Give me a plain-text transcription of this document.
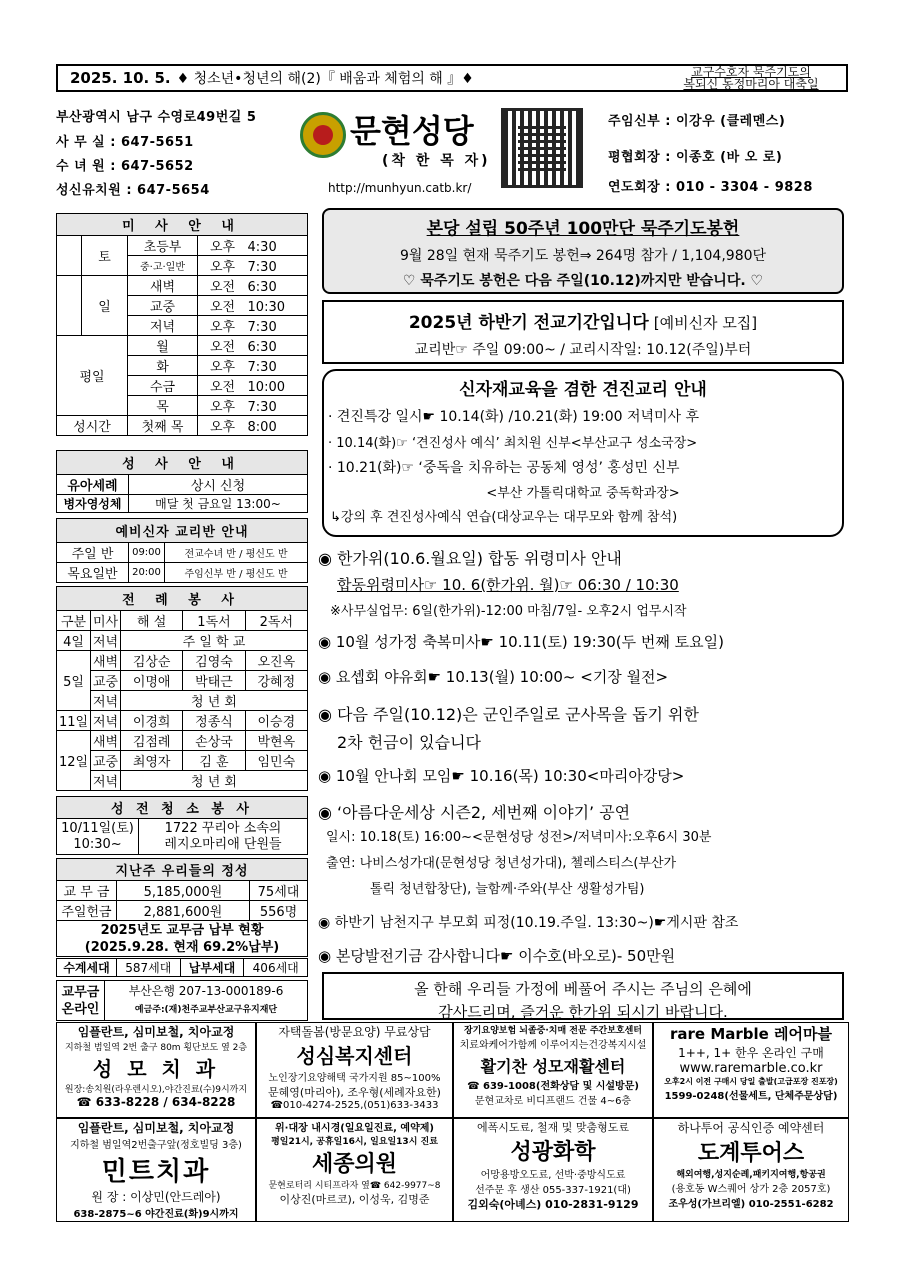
2025. 10. 5. ♦ 청소년•청년의 해(2)『 배움과 체험의 해 』♦	교구수호자 묵주기도의
복되신 동정마리아 대축일
부산광역시 남구 수영로49번길 5
사 무 실 : 647-5651
수 녀 원 : 647-5652
성신유치원 : 647-5654
문현성당
(착 한 목 자)
http://munhyun.catb.kr/
주임신부 : 이강우 (클레멘스)
평협회장 : 이종호 (바 오 로)
연도회장 : 010 - 3304 - 9828
미 사 안 내			
	토	초등부	오후 4:30
		중·고·일반	오후 7:30
	일	새벽	오전 6:30
		교중	오전 10:30
		저녁	오후 7:30
평일		월	오전 6:30
		화	오후 7:30
		수금	오전 10:00
		목	오후 7:30
성시간		첫째 목	오후 8:00
성 사 안 내	
유아세례	상시 신청
병자영성체	매달 첫 금요일 13:00~
예비신자 교리반 안내		
주일 반	09:00	전교수녀 반 / 평신도 반
목요일반	20:00	주임신부 반 / 평신도 반
전 례 봉 사				
구분	미사	해 설	1독서	2독서
4일	저녁	주 일 학 교		
5일	새벽	김상순	김영숙	오진옥
	교중	이명애	박태근	강혜정
	저녁	청 년 회		
11일	저녁	이경희	정종식	이승경
12일	새벽	김점례	손상국	박현옥
	교중	최영자	김 훈	임민숙
	저녁	청 년 회		
성 전 청 소 봉 사
10/11일(토)
10:30~	1722 꾸리아 소속의
레지오마리애 단원들
지난주 우리들의 정성		
교 무 금	5,185,000원	75세대
주일헌금	2,881,600원	556명
2025년도 교무금 납부 현황
(2025.9.28. 현재 69.2%납부)		
수계세대	587세대	납부세대	406세대
교무금
온라인	부산은행 207-13-000189-6
예금주:(재)천주교부산교구유지재단
본당 설립 50주년 100만단 묵주기도봉헌
9월 28일 현재 묵주기도 봉헌⇒ 264명 참가 / 1,104,980단
♡ 묵주기도 봉헌은 다음 주일(10.12)까지만 받습니다. ♡
2025년 하반기 전교기간입니다 [예비신자 모집]
교리반☞ 주일 09:00~ / 교리시작일: 10.12(주일)부터
신자재교육을 겸한 견진교리 안내
· 견진특강 일시☛ 10.14(화) /10.21(화) 19:00 저녁미사 후
· 10.14(화)☞ ‘견진성사 예식’ 최치원 신부<부산교구 성소국장>
· 10.21(화)☞ ‘중독을 치유하는 공동체 영성’ 홍성민 신부
<부산 가톨릭대학교 중독학과장>
↳강의 후 견진성사예식 연습(대상교우는 대무모와 함께 참석)
◉ 한가위(10.6.월요일) 합동 위령미사 안내
합동위령미사☞ 10. 6(한가위. 월)☞ 06:30 / 10:30
※사무실업무: 6일(한가위)-12:00 마침/7일- 오후2시 업무시작
◉ 10월 성가정 축복미사☛ 10.11(토) 19:30(두 번째 토요일)
◉ 요셉회 야유회☛ 10.13(월) 10:00~ <기장 월전>
◉ 다음 주일(10.12)은 군인주일로 군사목을 돕기 위한
2차 헌금이 있습니다
◉ 10월 안나회 모임☛ 10.16(목) 10:30<마리아강당>
◉ ‘아름다운세상 시즌2, 세번째 이야기’ 공연
일시: 10.18(토) 16:00~<문현성당 성전>/저녁미사:오후6시 30분
출연: 나비스성가대(문현성당 청년성가대), 첼레스티스(부산가
톨릭 청년합창단), 늘함께·주와(부산 생활성가팀)
◉ 하반기 남천지구 부모회 피정(10.19.주일. 13:30~)☛게시판 참조
◉ 본당발전기금 감사합니다☛ 이수호(바오로)- 50만원
올 한해 우리들 가정에 베풀어 주시는 주님의 은혜에
감사드리며, 즐거운 한가위 되시기 바랍니다.
임플란트, 심미보철, 치아교정
지하철 범일역 2번 출구 80m 횡단보도 옆 2층
성 모 치 과
원장:송치원(라우렌시오),야간진료(수)9시까지
☎ 633-8228 / 634-8228
자택돌봄(방문요양) 무료상담
성심복지센터
노인장기요양해택 국가지원 85~100%
문혜영(마리아), 조우형(세례자요한)
☎010-4274-2525,(051)633-3433
장기요양보험 뇌졸중·치매 전문 주간보호센터
치료와케어가함께 이루어지는건강복지시설
활기찬 성모재활센터
☎ 639-1008(전화상담 및 시설방문)
문현교차로 비디프랜드 건물 4~6층
rare Marble 레어마블
1++, 1+ 한우 온라인 구매
www.raremarble.co.kr
오후2시 이전 구매시 당일 출발(고급포장 진포장)
1599-0248(선물세트, 단체주문상담)
임플란트, 심미보철, 치아교정
지하철 범일역2번출구앞(정호빌딩 3층)
민트치과
원 장 : 이상민(안드레아)
638-2875~6 야간진료(화)9시까지
위·대장 내시경(일요일진료, 예약제)
평일21시, 공휴일16시, 일요일13시 진료
세종의원
문현로터리 시티프라자 옆☎ 642-9977~8
이상진(마르코), 이성욱, 김명준
에폭시도료, 철재 및 맞춤형도료
성광화학
어망용방오도료, 선박·중방식도료
선주문 후 생산 055-337-1921(대)
김외숙(아녜스) 010-2831-9129
하나투어 공식인증 예약센터
도계투어스
해외여행,성지순례,패키지여행,항공권
(용호동 W스퀘어 상가 2층 2057호)
조우성(가브리엘) 010-2551-6282
